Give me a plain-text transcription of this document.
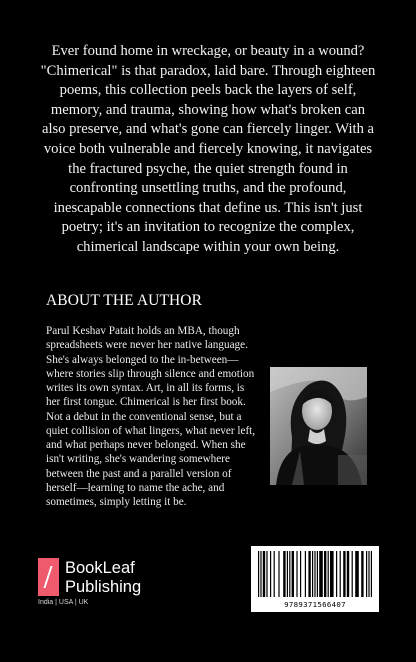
Ever found home in wreckage, or beauty in a wound? "Chimerical" is that paradox, laid bare. Through eighteen poems, this collection peels back the layers of self, memory, and trauma, showing how what's broken can also preserve, and what's gone can fiercely linger. With a voice both vulnerable and fiercely knowing, it navigates the fractured psyche, the quiet strength found in confronting unsettling truths, and the profound, inescapable connections that define us. This isn't just poetry; it's an invitation to recognize the complex, chimerical landscape within your own being.

ABOUT THE AUTHOR

Parul Keshav Patait holds an MBA, though spreadsheets were never her native language. She's always belonged to the in-between—where stories slip through silence and emotion writes its own syntax. Art, in all its forms, is her first tongue. Chimerical is her first book. Not a debut in the conventional sense, but a quiet collision of what lingers, what never left, and what perhaps never belonged. When she isn't writing, she's wandering somewhere between the past and a parallel version of herself—learning to name the ache, and sometimes, simply letting it be.

BookLeaf
Publishing
India | USA | UK	9789371566407
